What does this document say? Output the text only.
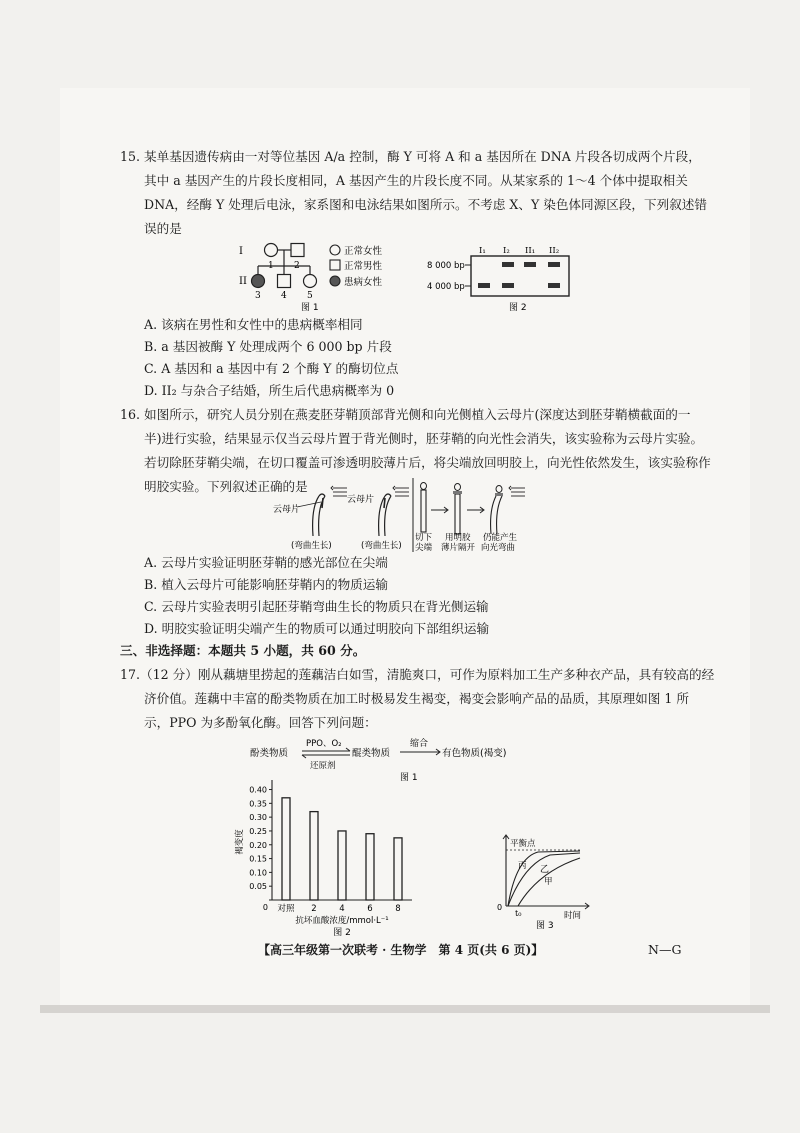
15. 某单基因遗传病由一对等位基因 A/a 控制，酶 Y 可将 A 和 a 基因所在 DNA 片段各切成两个片段，
其中 a 基因产生的片段长度相同，A 基因产生的片段长度不同。从某家系的 1～4 个体中提取相关
DNA，经酶 Y 处理后电泳，家系图和电泳结果如图所示。不考虑 X、Y 染色体同源区段，下列叙述错
误的是
I
II
1 2
3 4 5
正常女性
正常男性
患病女性
图 1
I₁ I₂ II₁ II₂
8 000 bp
4 000 bp
图 2
A. 该病在男性和女性中的患病概率相同
B. a 基因被酶 Y 处理成两个 6 000 bp 片段
C. A 基因和 a 基因中有 2 个酶 Y 的酶切位点
D. II₂ 与杂合子结婚，所生后代患病概率为 0
16. 如图所示，研究人员分别在燕麦胚芽鞘顶部背光侧和向光侧植入云母片(深度达到胚芽鞘横截面的一
半)进行实验，结果显示仅当云母片置于背光侧时，胚芽鞘的向光性会消失，该实验称为云母片实验。
若切除胚芽鞘尖端，在切口覆盖可渗透明胶薄片后，将尖端放回明胶上，向光性依然发生，该实验称作
明胶实验。下列叙述正确的是
云母片
(弯曲生长)
云母片
(弯曲生长)
切下
尖端
用明胶
薄片隔开
仍能产生
向光弯曲
A. 云母片实验证明胚芽鞘的感光部位在尖端
B. 植入云母片可能影响胚芽鞘内的物质运输
C. 云母片实验表明引起胚芽鞘弯曲生长的物质只在背光侧运输
D. 明胶实验证明尖端产生的物质可以通过明胶向下部组织运输
三、非选择题：本题共 5 小题，共 60 分。
17.（12 分）刚从藕塘里捞起的莲藕洁白如雪，清脆爽口，可作为原料加工生产多种衣产品，具有较高的经
济价值。莲藕中丰富的酚类物质在加工时极易发生褐变，褐变会影响产品的品质，其原理如图 1 所
示，PPO 为多酚氧化酶。回答下列问题：
酚类物质
PPO、O₂
还原剂
醌类物质
缩合
有色物质(褐变)
图 1
0.05
0.10
0.15
0.20
0.25
0.30
0.35
0.40
0 对照 2	4	6	8
抗坏血酸浓度/mmol·L⁻¹
褐变度
图 2
平衡点
丙 乙
甲
0
t₀	时间
图 3
【高三年级第一次联考 · 生物学　第 4 页(共 6 页)】	N—G
